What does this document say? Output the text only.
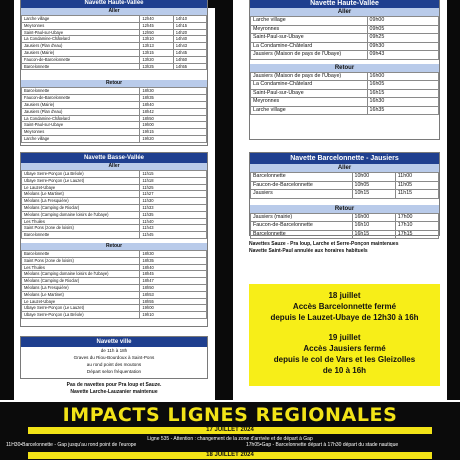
Navette Haute-Vallée
Aller
Larche village	12h40	14h10
Meyronnes	12h45	14h15
Saint-Paul-sur-Ubaye	12h50	14h20
La Condamine-Châtelard	13h10	14h40
Jausiers (Plan d'eau)	13h13	14h43
Jausiers (Mairie)	13h15	14h45
Faucon-de-Barcelonnette	13h20	14h50
Barcelonnette	13h25	14h55
Retour
Barcelonnette	18h30
Faucon-de-Barcelonnette	18h35
Jausiers (Mairie)	18h40
Jausiers (Plan d'eau)	18h42
La Condamine-Châtelard	18h50
Saint-Paul-sur-Ubaye	19h00
Meyronnes	19h15
Larche village	19h20
Navette Basse-Vallée
Aller
Ubaye Serre-Ponçon (La Bréole)	11h15
Ubaye Serre-Ponçon (Le Lauzet)	11h18
Le Lauzet-Ubaye	11h25
Méolans (Le Martinet)	11h27
Méolans (La Fresquière)	11h30
Méolans (Camping de Rioclar)	11h33
Méolans (Camping domaine loisirs de l'Ubaye)	11h35
Les Thuiles	11h40
Saint Pons (zone de loisirs)	11h43
Barcelonnette	11h45
Retour
Barcelonnette	18h30
Saint Pons (zone de loisirs)	18h35
Les Thuiles	18h40
Méolans (Camping domaine loisirs de l'Ubaye)	18h45
Méolans (Camping de Rioclar)	18h47
Méolans (La Fresquière)	18h50
Méolans (Le Martinet)	18h53
Le Lauzet-Ubaye	18h55
Ubaye Serre-Ponçon (Le Lauzet)	19h00
Ubaye Serre-Ponçon (La Bréole)	19h10
Navette ville
de 11h à 18h
Graves du Riou-Bourdoux à Saint-Pons
au rond point des moutons
Départ selon fréquentation
Pas de navettes pour Pra loup et Sauze.
Navette Larche-Lauzanier maintenue
Navette Haute-Vallée
Aller
Larche village	09h00
Meyronnes	09h05
Saint-Paul-sur-Ubaye	09h25
La Condamine-Châtelard	09h30
Jausiers (Maison de pays de l'Ubaye)	09h43
Retour
Jausiers (Maison de pays de l'Ubaye)	16h00
La Condamine-Châtelard	16h05
Saint-Paul-sur-Ubaye	16h15
Meyronnes	16h30
Larche village	16h35
Navette Barcelonnette - Jausiers
Aller
Barcelonnette	10h00	11h00
Faucon-de-Barcelonnette	10h05	11h05
Jausiers	10h15	11h15
Retour
Jausiers (mairie)	16h00	17h00
Faucon-de-Barcelonnette	16h10	17h10
Barcelonnette	16h15	17h15
Navettes Sauze - Pra loup, Larche et Serre-Ponçon maintenues
Navette Saint-Paul annulée aux horaires habituels
18 juillet
Accès Barcelonnette fermé
depuis le Lauzet-Ubaye de 12h30 à 16h
19 juillet
Accès Jausiers fermé
depuis le col de Vars et les Gleizolles
de 10 à 16h
IMPACTS LIGNES REGIONALES
17 JUILLET 2024
Ligne 535 - Attention : changement de la zone d'arrivée et de départ à Gap
11H30•Barcelonnette - Gap jusqu'au rond point de l'europe	17h05•Gap - Barcelonnette départ à 17h30 départ du stade nautique
18 JUILLET 2024
